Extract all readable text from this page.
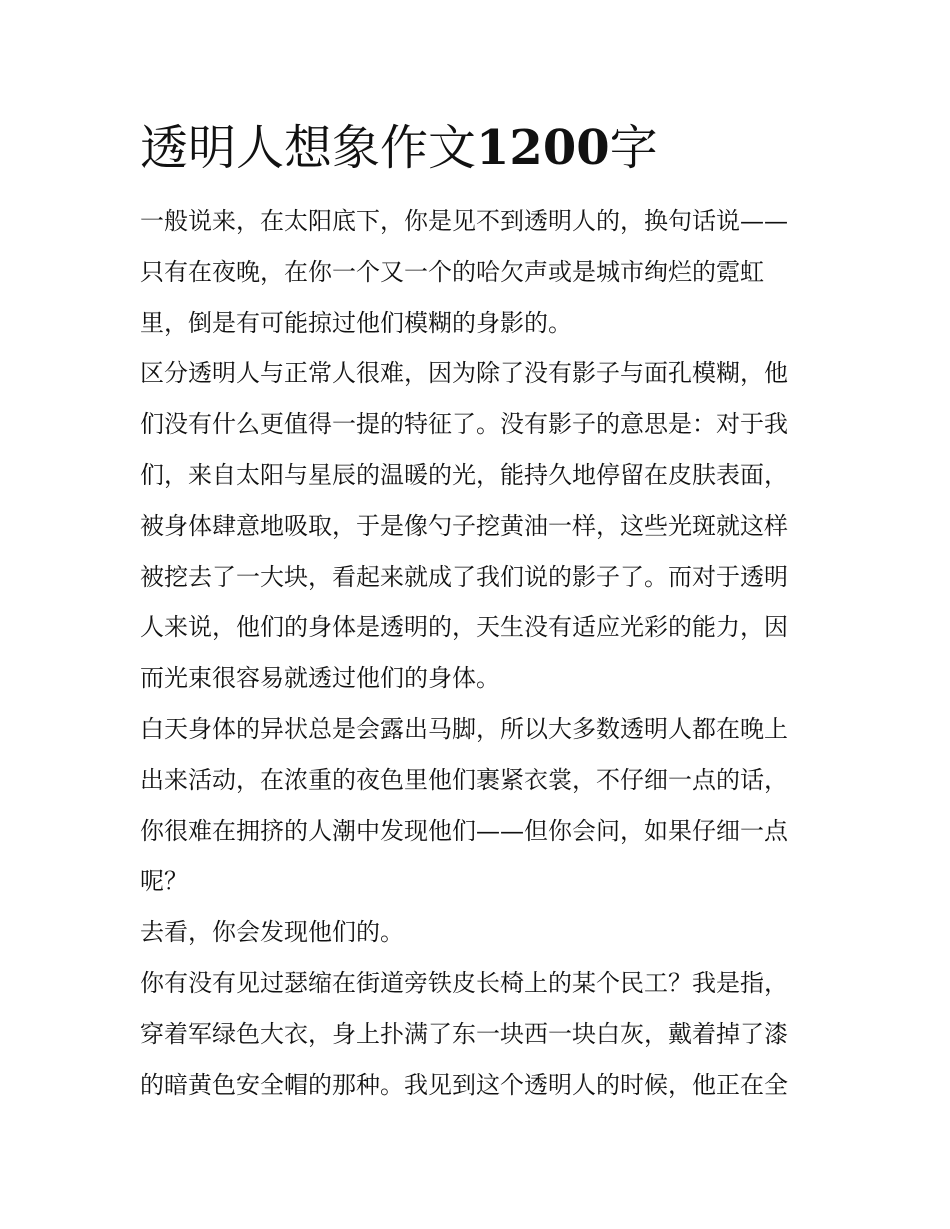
透明人想象作文1200字
一般说来，在太阳底下，你是见不到透明人的，换句话说——
只有在夜晚，在你一个又一个的哈欠声或是城市绚烂的霓虹
里，倒是有可能掠过他们模糊的身影的。
区分透明人与正常人很难，因为除了没有影子与面孔模糊，他
们没有什么更值得一提的特征了。没有影子的意思是：对于我
们，来自太阳与星辰的温暖的光，能持久地停留在皮肤表面，
被身体肆意地吸取，于是像勺子挖黄油一样，这些光斑就这样
被挖去了一大块，看起来就成了我们说的影子了。而对于透明
人来说，他们的身体是透明的，天生没有适应光彩的能力，因
而光束很容易就透过他们的身体。
白天身体的异状总是会露出马脚，所以大多数透明人都在晚上
出来活动，在浓重的夜色里他们裹紧衣裳，不仔细一点的话，
你很难在拥挤的人潮中发现他们——但你会问，如果仔细一点
呢？
去看，你会发现他们的。
你有没有见过瑟缩在街道旁铁皮长椅上的某个民工？我是指，
穿着军绿色大衣，身上扑满了东一块西一块白灰，戴着掉了漆
的暗黄色安全帽的那种。我见到这个透明人的时候，他正在全
